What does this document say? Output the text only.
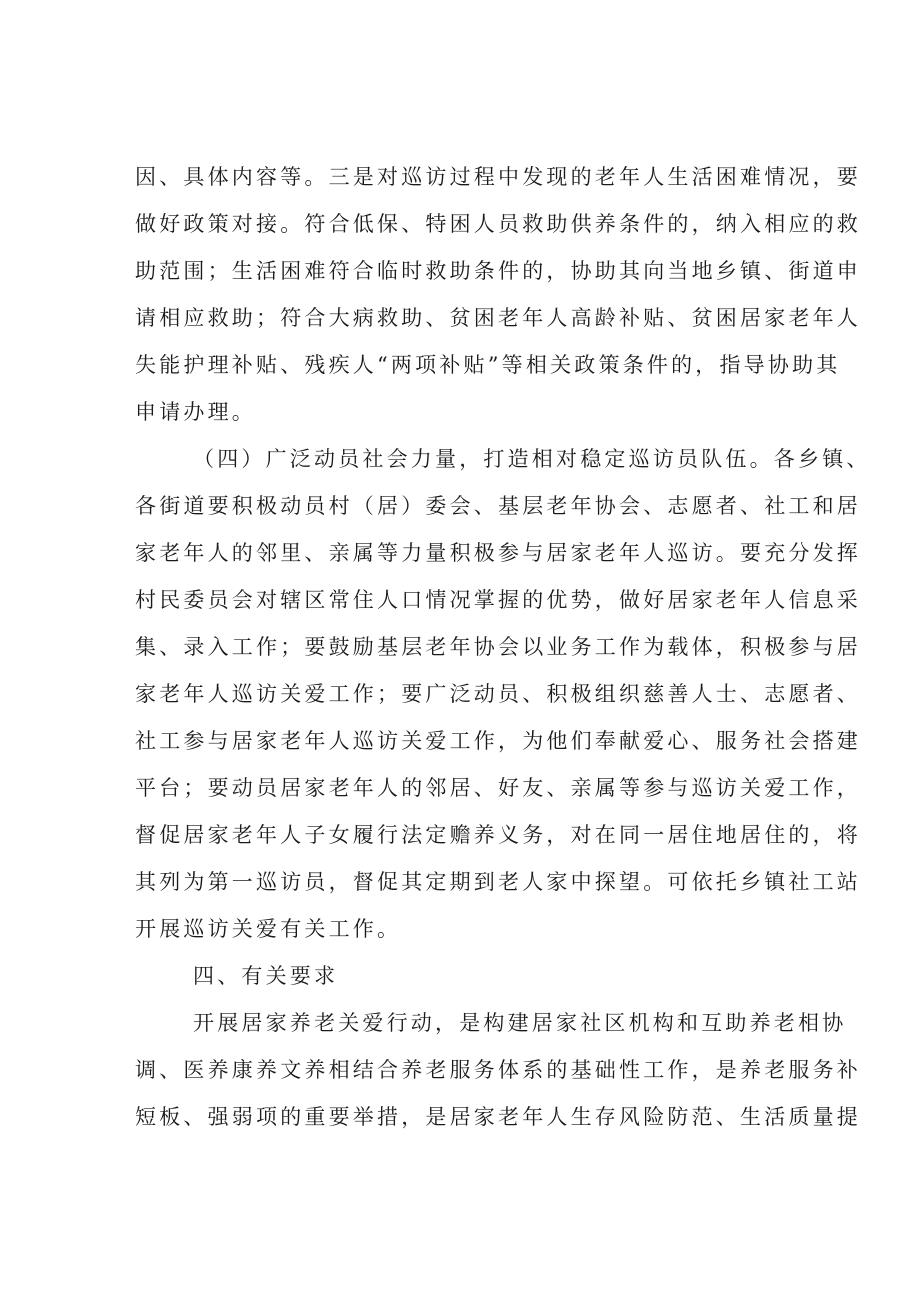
因、具体内容等。三是对巡访过程中发现的老年人生活困难情况，要
做好政策对接。符合低保、特困人员救助供养条件的，纳入相应的救
助范围；生活困难符合临时救助条件的，协助其向当地乡镇、街道申
请相应救助；符合大病救助、贫困老年人高龄补贴、贫困居家老年人
失能护理补贴、残疾人“两项补贴”等相关政策条件的，指导协助其
申请办理。
（四）广泛动员社会力量，打造相对稳定巡访员队伍。各乡镇、
各街道要积极动员村（居）委会、基层老年协会、志愿者、社工和居
家老年人的邻里、亲属等力量积极参与居家老年人巡访。要充分发挥
村民委员会对辖区常住人口情况掌握的优势，做好居家老年人信息采
集、录入工作；要鼓励基层老年协会以业务工作为载体，积极参与居
家老年人巡访关爱工作；要广泛动员、积极组织慈善人士、志愿者、
社工参与居家老年人巡访关爱工作，为他们奉献爱心、服务社会搭建
平台；要动员居家老年人的邻居、好友、亲属等参与巡访关爱工作，
督促居家老年人子女履行法定赡养义务，对在同一居住地居住的，将
其列为第一巡访员，督促其定期到老人家中探望。可依托乡镇社工站
开展巡访关爱有关工作。
四、有关要求
开展居家养老关爱行动，是构建居家社区机构和互助养老相协
调、医养康养文养相结合养老服务体系的基础性工作，是养老服务补
短板、强弱项的重要举措，是居家老年人生存风险防范、生活质量提
